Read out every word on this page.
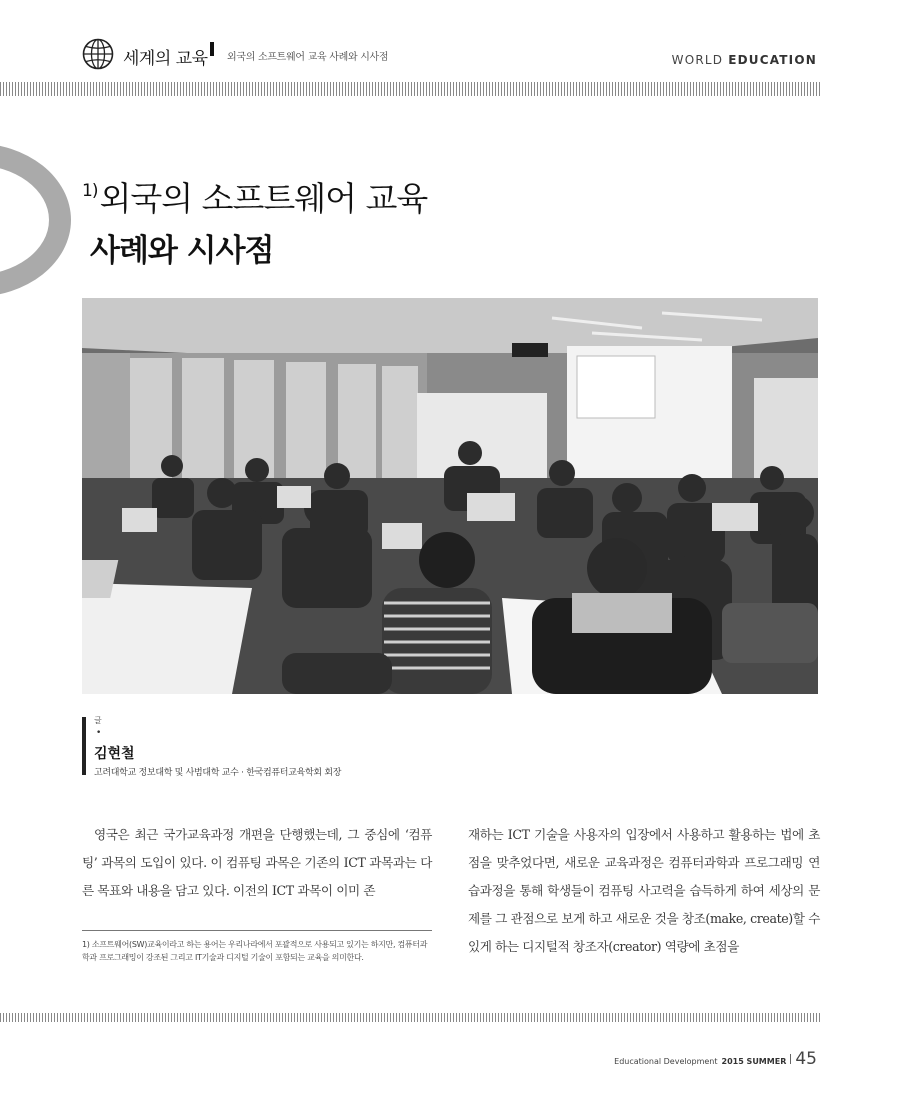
세계의 교육 외국의 소프트웨어 교육 사례와 시사점	WORLD EDUCATION
$^{1)}$외국의 소프트웨어 교육
사례와 시사점
글
•
김현철
고려대학교 정보대학 및 사범대학 교수 · 한국컴퓨터교육학회 회장
영국은 최근 국가교육과정 개편을 단행했는데, 그 중심에 ‘컴퓨팅’ 과목의 도입이 있다. 이 컴퓨팅 과목은 기존의 ICT 과목과는 다른 목표와 내용을 담고 있다. 이전의 ICT 과목이 이미 존
재하는 ICT 기술을 사용자의 입장에서 사용하고 활용하는 법에 초점을 맞추었다면, 새로운 교육과정은 컴퓨터과학과 프로그래밍 연습과정을 통해 학생들이 컴퓨팅 사고력을 습득하게 하여 세상의 문제를 그 관점으로 보게 하고 새로운 것을 창조(make, create)할 수 있게 하는 디지털적 창조자(creator) 역량에 초점을
1) 소프트웨어(SW)교육이라고 하는 용어는 우리나라에서 포괄적으로 사용되고 있기는 하지만, 컴퓨터과학과 프로그래밍이 강조된 그리고 IT기술과 디지털 기술이 포함되는 교육을 의미한다.
Educational Development 2015 SUMMER 45
